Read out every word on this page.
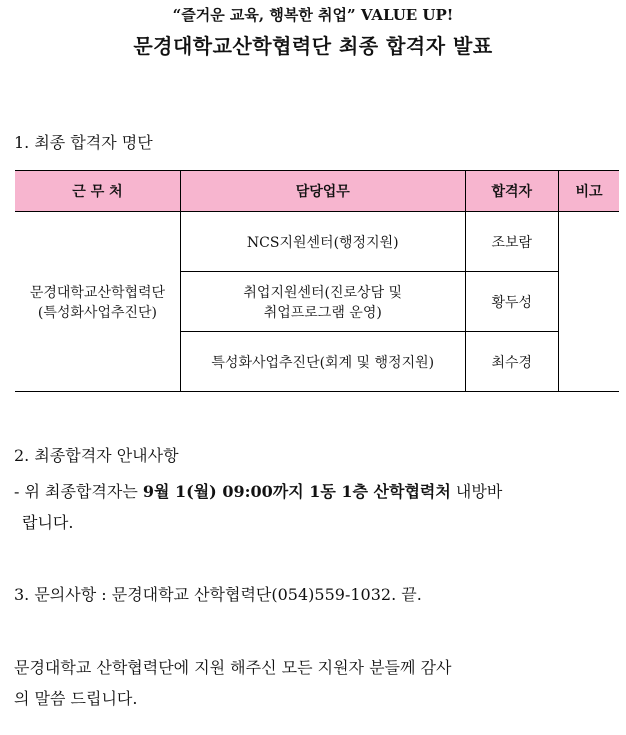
“즐거운 교육, 행복한 취업” VALUE UP!
문경대학교산학협력단 최종 합격자 발표
1. 최종 합격자 명단
근 무 처	담당업무	합격자	비고

문경대학교산학협력단
(특성화사업추진단)	NCS지원센터(행정지원)	조보람	

	취업지원센터(진로상담 및
취업프로그램 운영)	황두성	

	특성화사업추진단(회계 및 행정지원)	최수경	
2. 최종합격자 안내사항
- 위 최종합격자는 9월 1(월) 09:00까지 1동 1층 산학협력처 내방바
랍니다.
3. 문의사항 : 문경대학교 산학협력단(054)559-1032. 끝.
문경대학교 산학협력단에 지원 해주신 모든 지원자 분들께 감사
의 말씀 드립니다.
